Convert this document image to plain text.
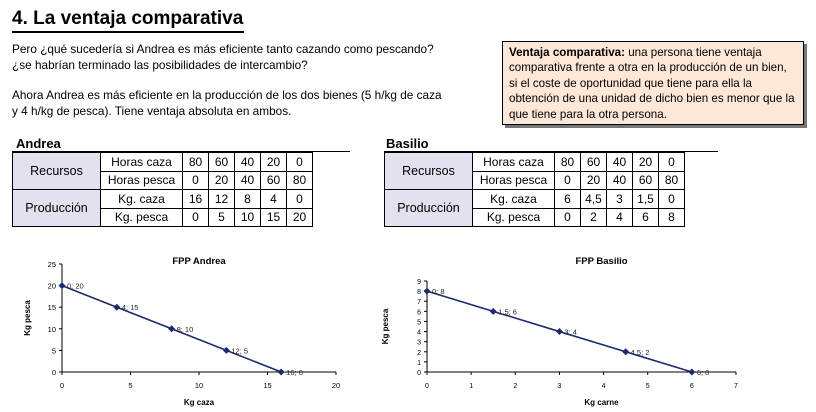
4. La ventaja comparativa
Pero ¿qué sucedería si Andrea es más eficiente tanto cazando como pescando? ¿se habrían terminado las posibilidades de intercambio?
Ahora Andrea es más eficiente en la producción de los dos bienes (5 h/kg de caza y 4 h/kg de pesca). Tiene ventaja absoluta en ambos.
Ventaja comparativa: una persona tiene ventaja comparativa frente a otra en la producción de un bien, si el coste de oportunidad que tiene para ella la obtención de una unidad de dicho bien es menor que la que tiene para la otra persona.
Andrea
Recursos	Horas caza	80	60	40	20	0
	Horas pesca	0	20	40	60	80
Producción	Kg. caza	16	12	8	4	0
	Kg. pesca	0	5	10	15	20
Basilio
Recursos	Horas caza	80	60	40	20	0
	Horas pesca	0	20	40	60	80
Producción	Kg. caza	6	4,5	3	1,5	0
	Kg. pesca	0	2	4	6	8
FPP Andrea
0
5
10
15
20
25
0	5	10	15	20
Kg caza
Kg pesca
0; 20
4; 15
8; 10
12; 5
16; 0
FPP Basilio
0
1
2
3
4
5
6
7
8
9
0	1	2	3	4	5	6	7
Kg carne
Kg pesca
0; 8
1,5; 6
3; 4
4,5; 2
6; 0
